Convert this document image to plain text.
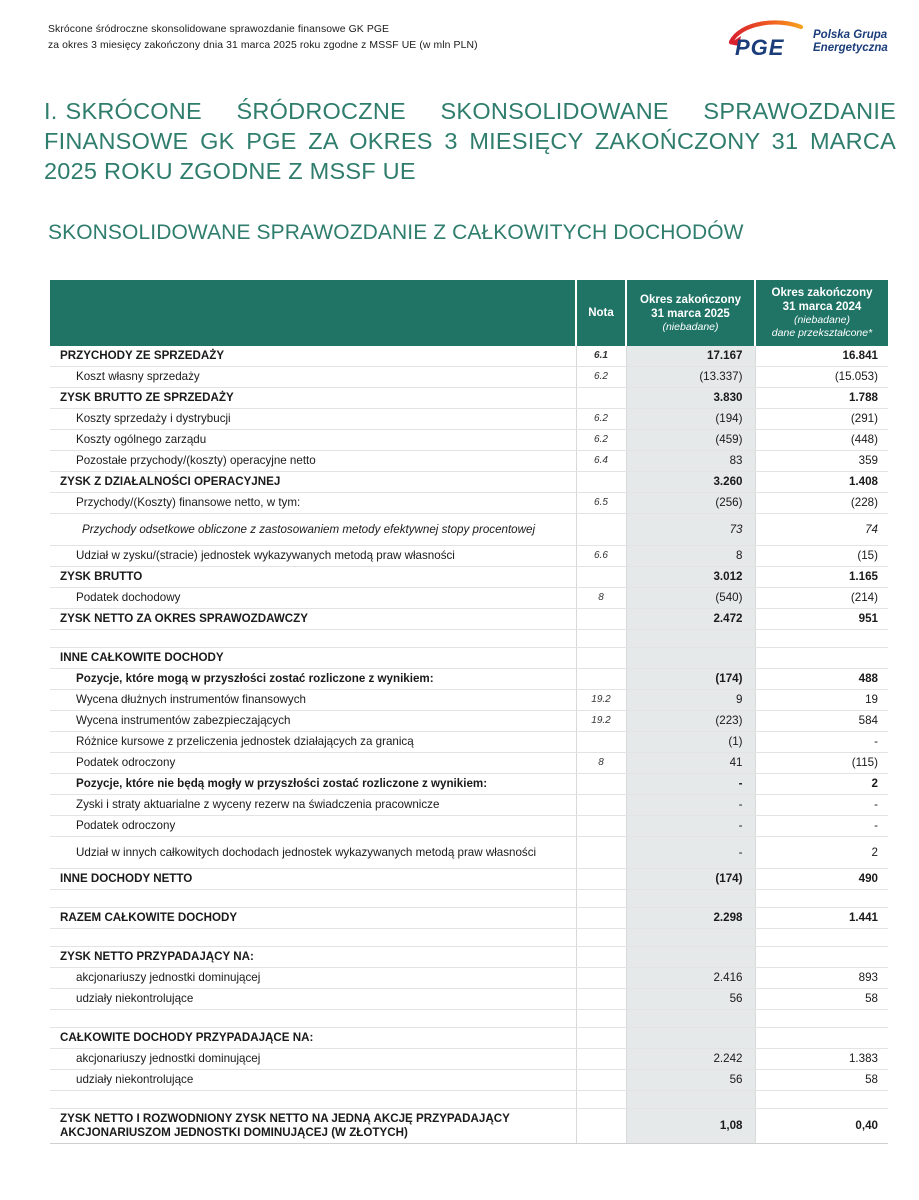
Skrócone śródroczne skonsolidowane sprawozdanie finansowe GK PGE
za okres 3 miesięcy zakończony dnia 31 marca 2025 roku zgodne z MSSF UE (w mln PLN)	PGE Polska Grupa
Energetyczna
I. SKRÓCONE ŚRÓDROCZNE SKONSOLIDOWANE SPRAWOZDANIE FINANSOWE GK PGE ZA OKRES 3 MIESIĘCY ZAKOŃCZONY 31 MARCA 2025 ROKU ZGODNE Z MSSF UE
SKONSOLIDOWANE SPRAWOZDANIE Z CAŁKOWITYCH DOCHODÓW
	Nota	Okres zakończony
31 marca 2025
(niebadane)	Okres zakończony
31 marca 2024
(niebadane)
dane przekształcone*

PRZYCHODY ZE SPRZEDAŻY	6.1	17.167	16.841
Koszt własny sprzedaży	6.2	(13.337)	(15.053)
ZYSK BRUTTO ZE SPRZEDAŻY		3.830	1.788
Koszty sprzedaży i dystrybucji	6.2	(194)	(291)
Koszty ogólnego zarządu	6.2	(459)	(448)
Pozostałe przychody/(koszty) operacyjne netto	6.4	83	359
ZYSK Z DZIAŁALNOŚCI OPERACYJNEJ		3.260	1.408
Przychody/(Koszty) finansowe netto, w tym:	6.5	(256)	(228)
Przychody odsetkowe obliczone z zastosowaniem metody efektywnej stopy procentowej		73	74
Udział w zysku/(stracie) jednostek wykazywanych metodą praw własności	6.6	8	(15)
ZYSK BRUTTO		3.012	1.165
Podatek dochodowy	8	(540)	(214)
ZYSK NETTO ZA OKRES SPRAWOZDAWCZY		2.472	951

INNE CAŁKOWITE DOCHODY			
Pozycje, które mogą w przyszłości zostać rozliczone z wynikiem:		(174)	488
Wycena dłużnych instrumentów finansowych	19.2	9	19
Wycena instrumentów zabezpieczających	19.2	(223)	584
Różnice kursowe z przeliczenia jednostek działających za granicą		(1)	-
Podatek odroczony	8	41	(115)
Pozycje, które nie będą mogły w przyszłości zostać rozliczone z wynikiem:		-	2
Zyski i straty aktuarialne z wyceny rezerw na świadczenia pracownicze		-	-
Podatek odroczony		-	-
Udział w innych całkowitych dochodach jednostek wykazywanych metodą praw własności		-	2
INNE DOCHODY NETTO		(174)	490

RAZEM CAŁKOWITE DOCHODY		2.298	1.441

ZYSK NETTO PRZYPADAJĄCY NA:			
akcjonariuszy jednostki dominującej		2.416	893
udziały niekontrolujące		56	58

CAŁKOWITE DOCHODY PRZYPADAJĄCE NA:			
akcjonariuszy jednostki dominującej		2.242	1.383
udziały niekontrolujące		56	58

ZYSK NETTO I ROZWODNIONY ZYSK NETTO NA JEDNĄ AKCJĘ PRZYPADAJĄCY AKCJONARIUSZOM JEDNOSTKI DOMINUJĄCEJ (W ZŁOTYCH)		1,08	0,40
